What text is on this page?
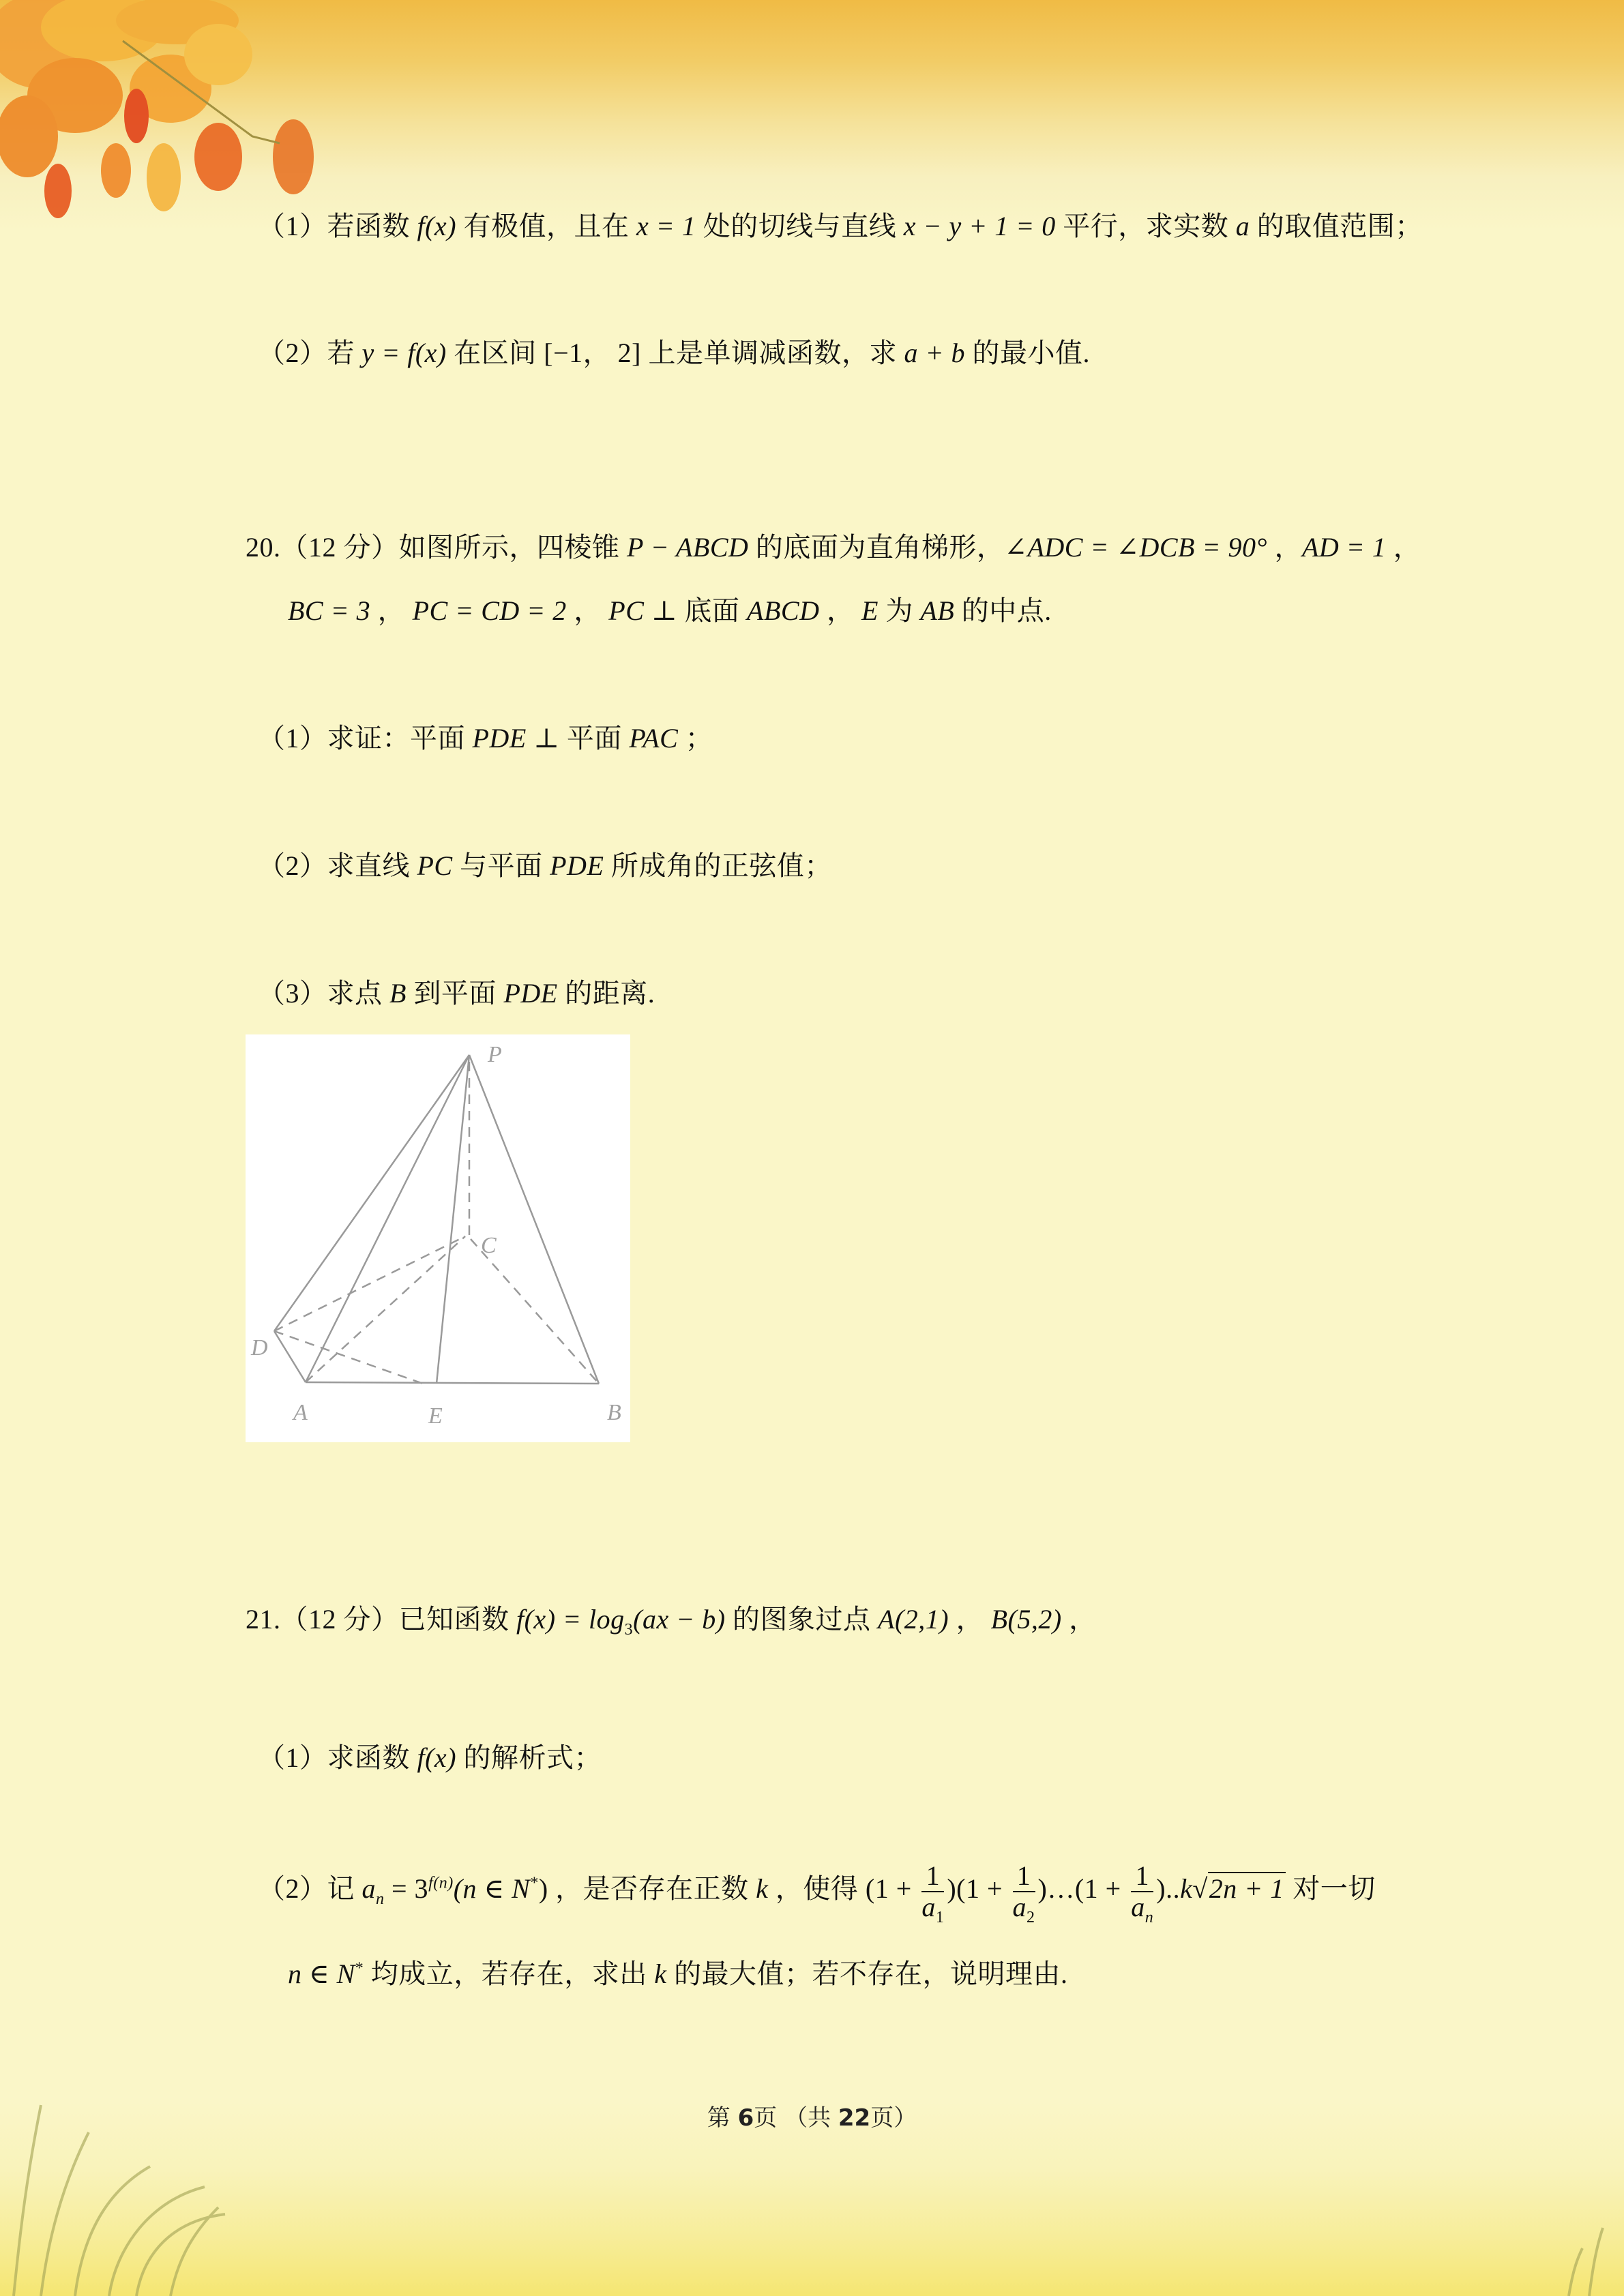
（1）若函数 f(x) 有极值，且在 x = 1 处的切线与直线 x − y + 1 = 0 平行，求实数 a 的取值范围；
（2）若 y = f(x) 在区间 [−1， 2] 上是单调减函数，求 a + b 的最小值.
20.（12 分）如图所示，四棱锥 P − ABCD 的底面为直角梯形，∠ADC = ∠DCB = 90° ，AD = 1 ，
BC = 3 ， PC = CD = 2 ， PC ⊥ 底面 ABCD ， E 为 AB 的中点.
（1）求证：平面 PDE ⊥ 平面 PAC ；
（2）求直线 PC 与平面 PDE 所成角的正弦值；
（3）求点 B 到平面 PDE 的距离.
P
C
D
A	E	B
21.（12 分）已知函数 $f(x) = \log_3(ax - b)$ 的图象过点 A(2,1) ， B(5,2) ，
（1）求函数 f(x) 的解析式；
（2）记 $a_n = 3^{f(n)}(n$ ∈ N*) ，是否存在正数 k ，使得 $(1 + \frac{1}{a_1} )(1 + \frac{1}{a_2}$ )…(1 + $\frac{1}{a_n} )..k√2n + 1$ 对一切
n ∈ N* 均成立，若存在，求出 k 的最大值；若不存在，说明理由.
第 6页 （共 22页）
